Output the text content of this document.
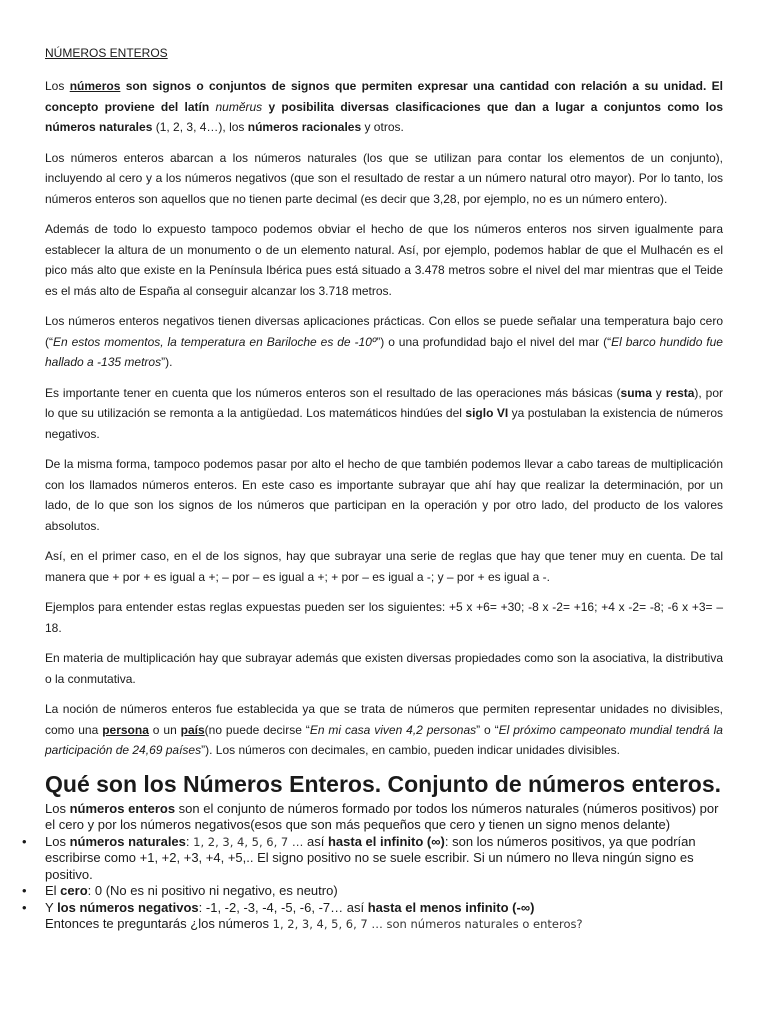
NÚMEROS ENTEROS

Los números son signos o conjuntos de signos que permiten expresar una cantidad con relación a su unidad. El concepto proviene del latín numĕrus y posibilita diversas clasificaciones que dan a lugar a conjuntos como los números naturales (1, 2, 3, 4…), los números racionales y otros.

Los números enteros abarcan a los números naturales (los que se utilizan para contar los elementos de un conjunto), incluyendo al cero y a los números negativos (que son el resultado de restar a un número natural otro mayor). Por lo tanto, los números enteros son aquellos que no tienen parte decimal (es decir que 3,28, por ejemplo, no es un número entero).

Además de todo lo expuesto tampoco podemos obviar el hecho de que los números enteros nos sirven igualmente para establecer la altura de un monumento o de un elemento natural. Así, por ejemplo, podemos hablar de que el Mulhacén es el pico más alto que existe en la Península Ibérica pues está situado a 3.478 metros sobre el nivel del mar mientras que el Teide es el más alto de España al conseguir alcanzar los 3.718 metros.

Los números enteros negativos tienen diversas aplicaciones prácticas. Con ellos se puede señalar una temperatura bajo cero (“En estos momentos, la temperatura en Bariloche es de -10º”) o una profundidad bajo el nivel del mar (“El barco hundido fue hallado a -135 metros”).

Es importante tener en cuenta que los números enteros son el resultado de las operaciones más básicas (suma y resta), por lo que su utilización se remonta a la antigüedad. Los matemáticos hindúes del siglo VI ya postulaban la existencia de números negativos.

De la misma forma, tampoco podemos pasar por alto el hecho de que también podemos llevar a cabo tareas de multiplicación con los llamados números enteros. En este caso es importante subrayar que ahí hay que realizar la determinación, por un lado, de lo que son los signos de los números que participan en la operación y por otro lado, del producto de los valores absolutos.

Así, en el primer caso, en el de los signos, hay que subrayar una serie de reglas que hay que tener muy en cuenta. De tal manera que + por + es igual a +; – por – es igual a +; + por – es igual a -; y – por + es igual a -.

Ejemplos para entender estas reglas expuestas pueden ser los siguientes: +5 x +6= +30; -8 x -2= +16; +4 x -2= -8; -6 x +3= – 18.

En materia de multiplicación hay que subrayar además que existen diversas propiedades como son la asociativa, la distributiva o la conmutativa.

La noción de números enteros fue establecida ya que se trata de números que permiten representar unidades no divisibles, como una persona o un país(no puede decirse “En mi casa viven 4,2 personas” o “El próximo campeonato mundial tendrá la participación de 24,69 países”). Los números con decimales, en cambio, pueden indicar unidades divisibles.

Qué son los Números Enteros. Conjunto de números enteros.
Los números enteros son el conjunto de números formado por todos los números naturales (números positivos) por el cero y por los números negativos(esos que son más pequeños que cero y tienen un signo menos delante)
• Los números naturales: 1, 2, 3, 4, 5, 6, 7 … así hasta el infinito (∞): son los números positivos, ya que podrían escribirse como +1, +2, +3, +4, +5,.. El signo positivo no se suele escribir. Si un número no lleva ningún signo es positivo.
• El cero: 0 (No es ni positivo ni negativo, es neutro)
• Y los números negativos: -1, -2, -3, -4, -5, -6, -7… así hasta el menos infinito (-∞)
Entonces te preguntarás ¿los números 1, 2, 3, 4, 5, 6, 7 … son números naturales o enteros?
